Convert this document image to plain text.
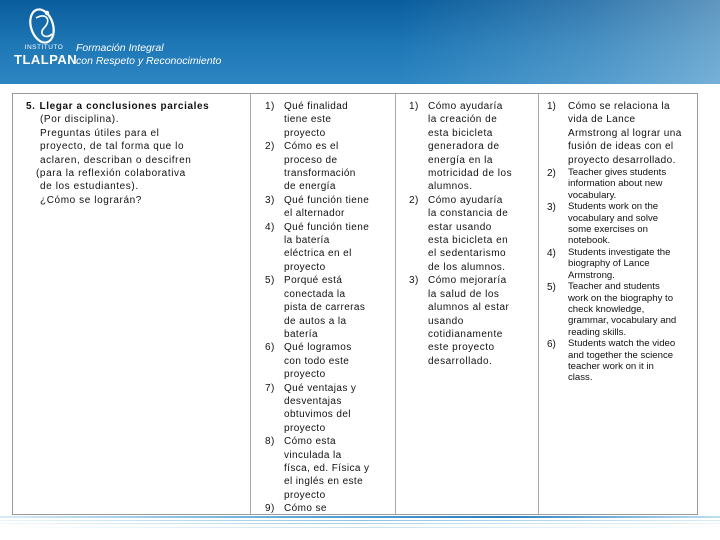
INSTITUTO
TLALPAN
Formación Integral
con Respeto y Reconocimiento
5. Llegar a conclusiones parciales
(Por disciplina).
Preguntas útiles para el
proyecto, de tal forma que lo
aclaren, describan o descifren
(para la reflexión colaborativa
de los estudiantes).
¿Cómo se lograrán?
1) Qué finalidad
tiene este
proyecto
2) Cómo es el
proceso de
transformación
de energía
3) Qué función tiene
el alternador
4) Qué función tiene
la batería
eléctrica en el
proyecto
5) Porqué está
conectada la
pista de carreras
de autos a la
batería
6) Qué logramos
con todo este
proyecto
7) Qué ventajas y
desventajas
obtuvimos del
proyecto
8) Cómo esta
vinculada la
físca, ed. Física y
el inglés en este
proyecto
9) Cómo se
1) Cómo ayudaría
la creación de
esta bicicleta
generadora de
energía en la
motricidad de los
alumnos.
2) Cómo ayudaría
la constancia de
estar usando
esta bicicleta en
el sedentarismo
de los alumnos.
3) Cómo mejoraría
la salud de los
alumnos al estar
usando
cotidianamente
este proyecto
desarrollado.
1)	Cómo se relaciona la
vida de Lance
Armstrong al lograr una
fusión de ideas con el
proyecto desarrollado.
2)	Teacher gives students
information about new
vocabulary.
3)	Students work on the
vocabulary and solve
some exercises on
notebook.
4)	Students investigate the
biography of Lance
Armstrong.
5)	Teacher and students
work on the biography to
check knowledge,
grammar, vocabulary and
reading skills.
6)	Students watch the video
and together the science
teacher work on it in
class.
